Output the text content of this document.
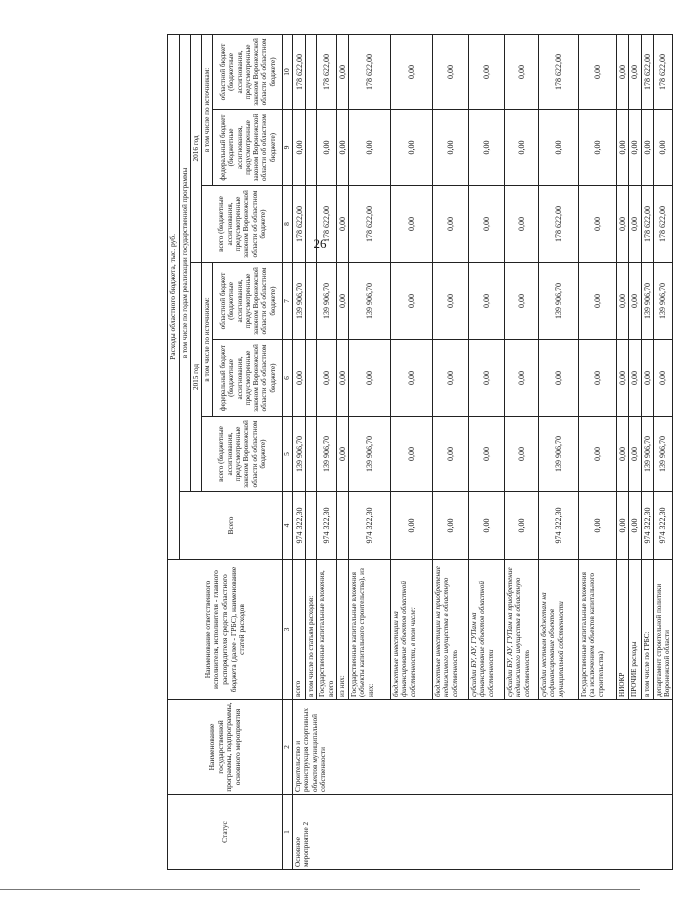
26
Статус	Наименование государственной программы, подпрограммы, основного мероприятия	Наименование ответственного исполнителя, исполнителя - главного распорядителя средств областного бюджета (далее - ГРБС), наименование статей расходов	Расходы областного бюджета, тыс. руб.						
			Всего	в том числе по годам реализации государственной программы					
				2015 год			2016 год		
				всего (бюджетные ассигнования, предусмотренные законом Воронежской области об областном бюджете)	в том числе по источникам:		всего (бюджетные ассигнования, предусмотренные законом Воронежской области об областном бюджете)	в том числе по источникам:	
					федеральный бюджет (бюджетные ассигнования, предусмотренные законом Воронежской области об областном бюджете)	областной бюджет (бюджетные ассигнования, предусмотренные законом Воронежской области об областном бюджете)		федеральный бюджет (бюджетные ассигнования, предусмотренные законом Воронежской области об областном бюджете)	областной бюджет (бюджетные ассигнования, предусмотренные законом Воронежской области об областном бюджете)
1	2	3	4	5	6	7	8	9	10
Основное мероприятие 2	Строительство и реконструкция спортивных объектов муниципальной собственности	всего	974 322,30	139 906,70	0,00	139 906,70	178 622,00	0,00	178 622,00
		в том числе по статьям расходов:							
		Государственные капитальные вложения, всего	974 322,30	139 906,70	0,00	139 906,70	178 622,00	0,00	178 622,00
		из них:		0,00	0,00	0,00	0,00	0,00	0,00
		Государственные капитальные вложения (объекты капитального строительства), из них:	974 322,30	139 906,70	0,00	139 906,70	178 622,00	0,00	178 622,00
		бюджетные инвестиции на финансирование объектов областной собственности, в том числе:	0,00	0,00	0,00	0,00	0,00	0,00	0,00
		бюджетные инвестиции на приобретение недвижимого имущества в областную собственность	0,00	0,00	0,00	0,00	0,00	0,00	0,00
		субсидии БУ, АУ, ГУПам на финансирование объектов областной собственности	0,00	0,00	0,00	0,00	0,00	0,00	0,00
		субсидии БУ, АУ, ГУПам на приобретение недвижимого имущества в областную собственность	0,00	0,00	0,00	0,00	0,00	0,00	0,00
		субсидии местным бюджетам на софинансирование объектов муниципальной собственности	974 322,30	139 906,70	0,00	139 906,70	178 622,00	0,00	178 622,00
		Государственные капитальные вложения (за исключением объектов капитального строительства)	0,00	0,00	0,00	0,00	0,00	0,00	0,00
		НИОКР	0,00	0,00	0,00	0,00	0,00	0,00	0,00
		ПРОЧИЕ расходы	0,00	0,00	0,00	0,00	0,00	0,00	0,00
		в том числе по ГРБС:	974 322,30	139 906,70	0,00	139 906,70	178 622,00	0,00	178 622,00
		департамент строительной политики Воронежской области	974 322,30	139 906,70	0,00	139 906,70	178 622,00	0,00	178 622,00
